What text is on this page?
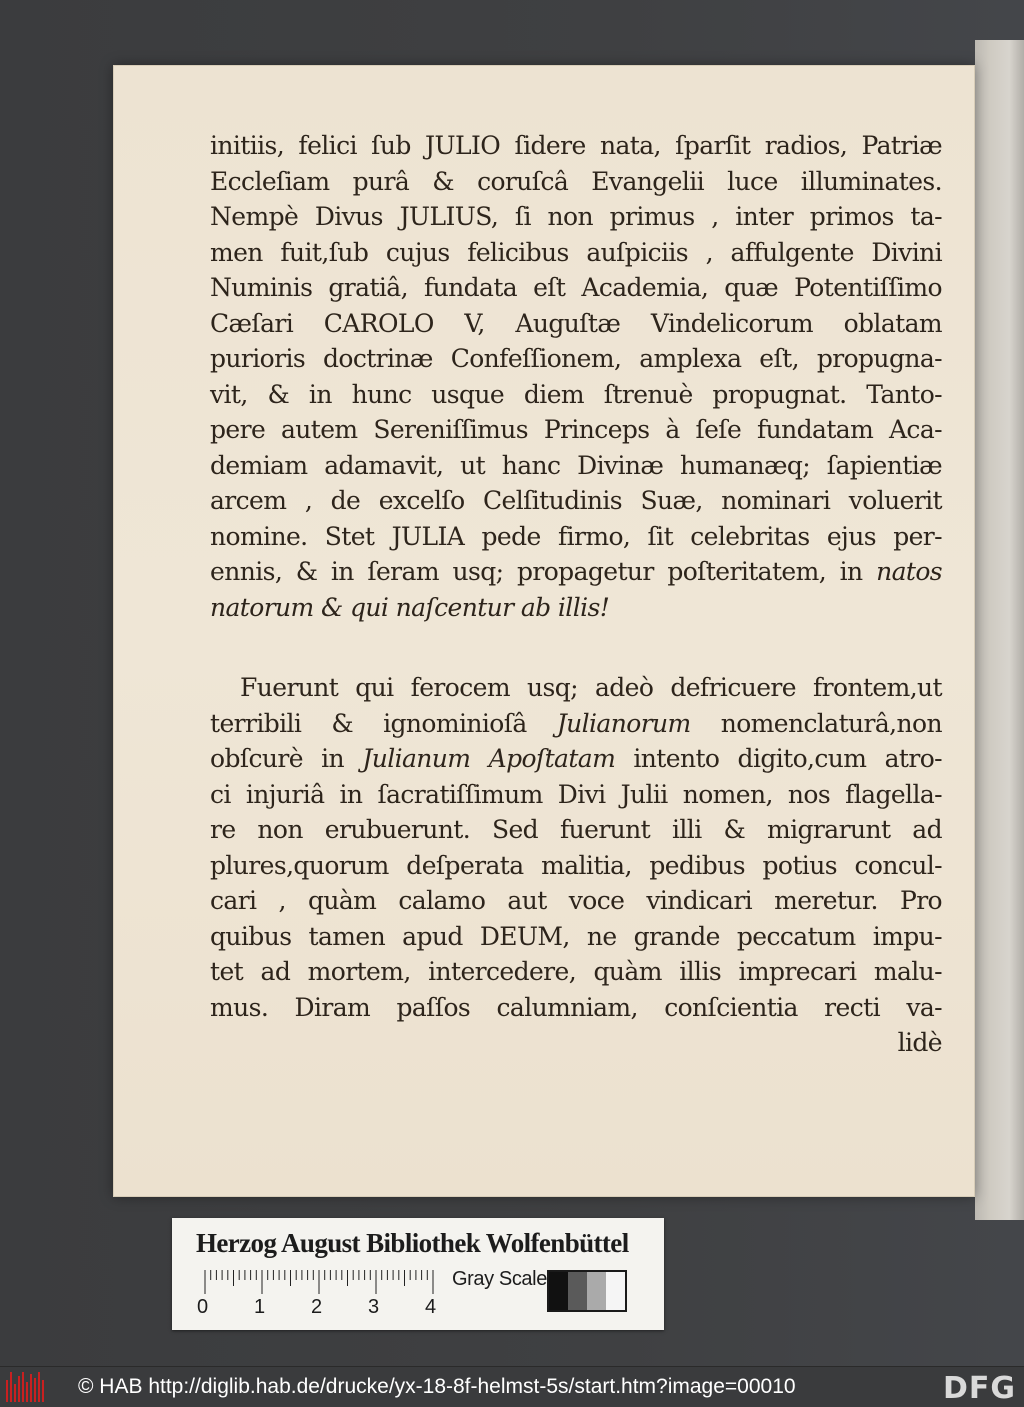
initiis, felici ſub JULIO ſidere nata, ſparſit radios, Patriæ
Eccleſiam purâ & coruſcâ Evangelii luce illuminates.
Nempè Divus JULIUS, ſi non primus , inter primos ta-
men fuit,ſub cujus felicibus auſpiciis , affulgente Divini
Numinis gratiâ, fundata eſt Academia, quæ Potentiſſimo
Cæſari CAROLO V, Auguſtæ Vindelicorum oblatam
purioris doctrinæ Confeſſionem, amplexa eſt, propugna-
vit, & in hunc usque diem ſtrenuè propugnat. Tanto-
pere autem Sereniſſimus Princeps à ſeſe fundatam Aca-
demiam adamavit, ut hanc Divinæ humanæq; ſapientiæ
arcem , de excelſo Celſitudinis Suæ, nominari voluerit
nomine. Stet JULIA pede firmo, ſit celebritas ejus per-
ennis, & in ſeram usq; propagetur poſteritatem, in natos
natorum & qui naſcentur ab illis!
Fuerunt qui ferocem usq; adeò defricuere frontem,ut
terribili & ignominioſâ Julianorum nomenclaturâ,non
obſcurè in Julianum Apoſtatam intento digito,cum atro-
ci injuriâ in ſacratiſſimum Divi Julii nomen, nos flagella-
re non erubuerunt. Sed fuerunt illi & migrarunt ad
plures,quorum deſperata malitia, pedibus potius concul-
cari , quàm calamo aut voce vindicari meretur. Pro
quibus tamen apud DEUM, ne grande peccatum impu-
tet ad mortem, intercedere, quàm illis imprecari malu-
mus. Diram paſſos calumniam, conſcientia recti va-
lidè
Herzog August Bibliothek Wolfenbüttel
0 1 2 3 4
Gray Scale
© HAB http://diglib.hab.de/drucke/yx-18-8f-helmst-5s/start.htm?image=00010	DFG
